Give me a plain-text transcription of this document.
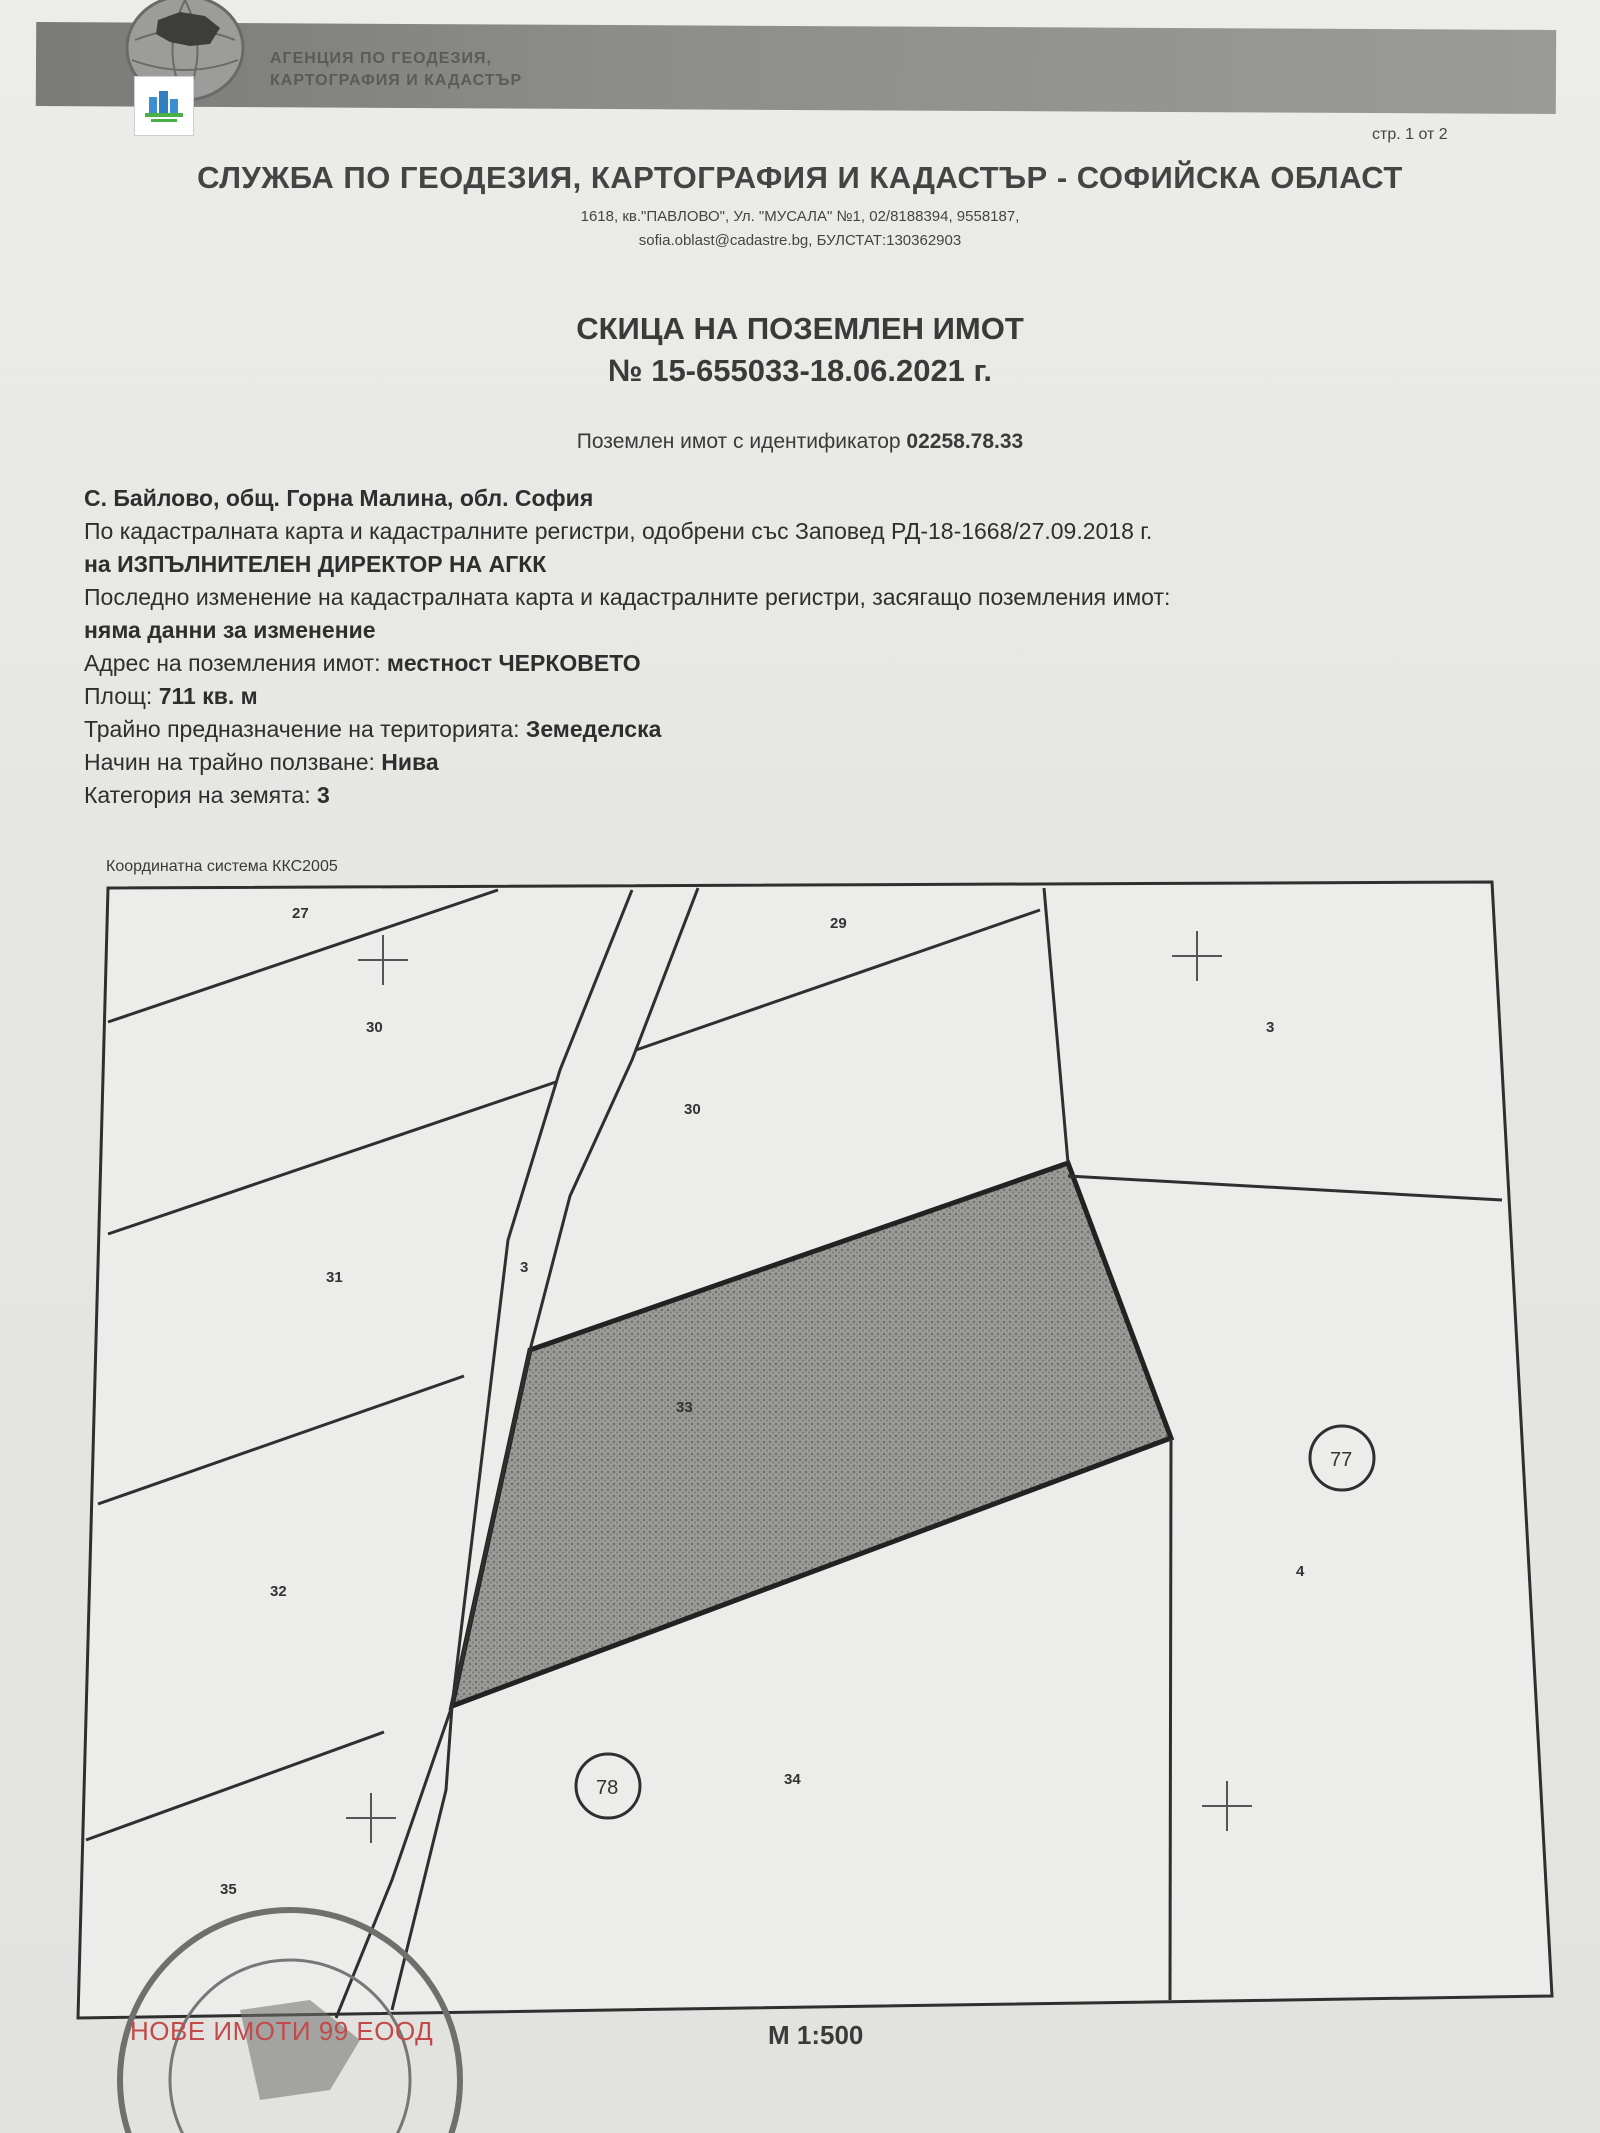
АГЕНЦИЯ ПО ГЕОДЕЗИЯ,
КАРТОГРАФИЯ И КАДАСТЪР
стр. 1 от 2
СЛУЖБА ПО ГЕОДЕЗИЯ, КАРТОГРАФИЯ И КАДАСТЪР - СОФИЙСКА ОБЛАСТ
1618, кв."ПАВЛОВО", Ул. "МУСАЛА" №1, 02/8188394, 9558187,
sofia.oblast@cadastre.bg, БУЛСТАТ:130362903
СКИЦА НА ПОЗЕМЛЕН ИМОТ
№ 15-655033-18.06.2021 г.
Поземлен имот с идентификатор 02258.78.33
С. Байлово, общ. Горна Малина, обл. София
По кадастралната карта и кадастралните регистри, одобрени със Заповед РД-18-1668/27.09.2018 г.
на ИЗПЪЛНИТЕЛЕН ДИРЕКТОР НА АГКК
Последно изменение на кадастралната карта и кадастралните регистри, засягащо поземления имот:
няма данни за изменение
Адрес на поземления имот: местност ЧЕРКОВЕТО
Площ: 711 кв. м
Трайно предназначение на територията: Земеделска
Начин на трайно ползване: Нива
Категория на земята: 3
Координатна система ККС2005
27
29
3
30
30
31
3
33
77
4
32
78	34
35
М 1:500
НОВЕ ИМОТИ 99 ЕООД
